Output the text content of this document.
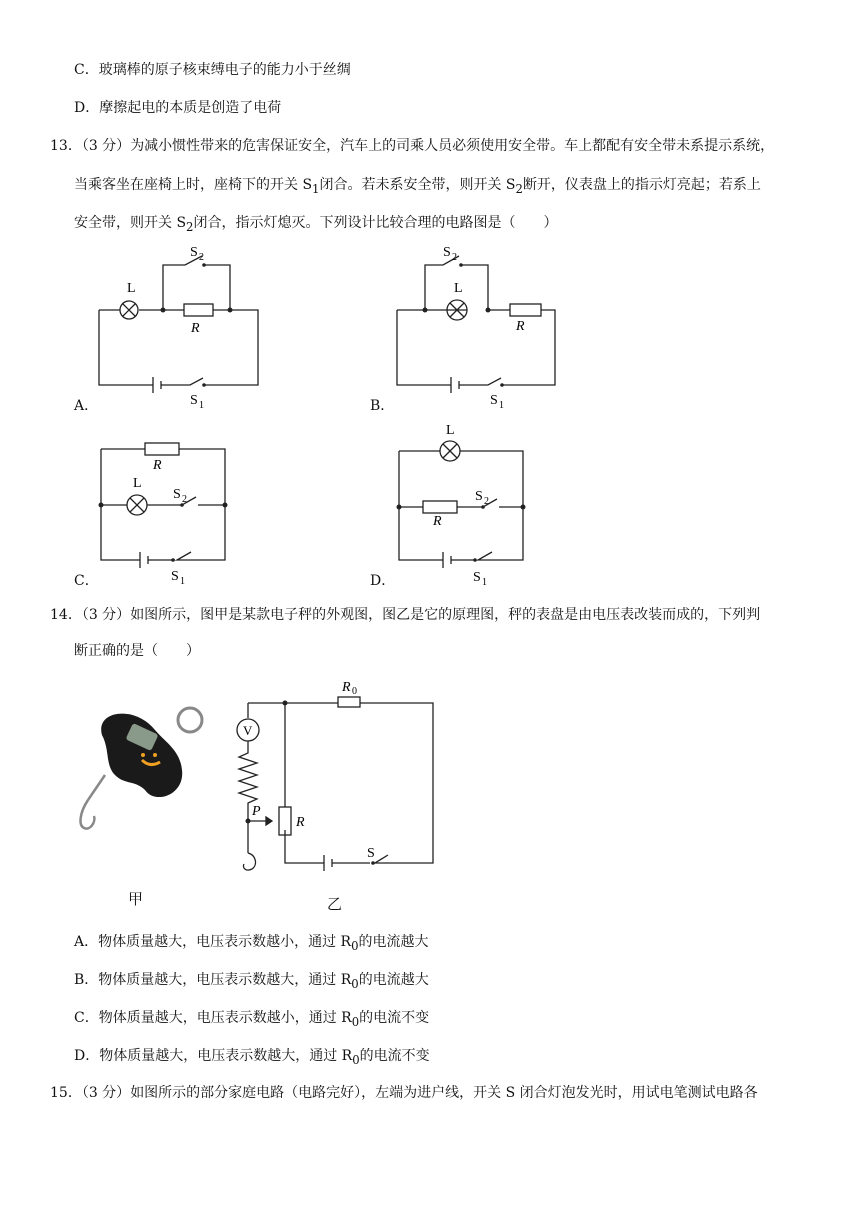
C．玻璃棒的原子核束缚电子的能力小于丝绸
D．摩擦起电的本质是创造了电荷
13．（3 分）为减小惯性带来的危害保证安全，汽车上的司乘人员必须使用安全带。车上都配有安全带未系提示系统，
当乘客坐在座椅上时，座椅下的开关 $S_1$闭合。若未系安全带，则开关 $S_2$断开，仪表盘上的指示灯亮起；若系上
安全带，则开关 $S_2$闭合，指示灯熄灭。下列设计比较合理的电路图是（　　）
L
R
S 2
S 1
A．
L
R
S 2
S 1
B．
R
L
S 2
S 1
C．
L
R
S 2
S 1
D．
14．（3 分）如图所示，图甲是某款电子秤的外观图，图乙是它的原理图，秤的表盘是由电压表改装而成的，下列判
断正确的是（　　）
甲
R 0
V
P
R
S
乙
A．物体质量越大，电压表示数越小，通过 $R_0$的电流越大
B．物体质量越大，电压表示数越大，通过 $R_0$的电流越大
C．物体质量越大，电压表示数越小，通过 $R_0$的电流不变
D．物体质量越大，电压表示数越大，通过 $R_0$的电流不变
15．（3 分）如图所示的部分家庭电路（电路完好），左端为进户线，开关 S 闭合灯泡发光时，用试电笔测试电路各
